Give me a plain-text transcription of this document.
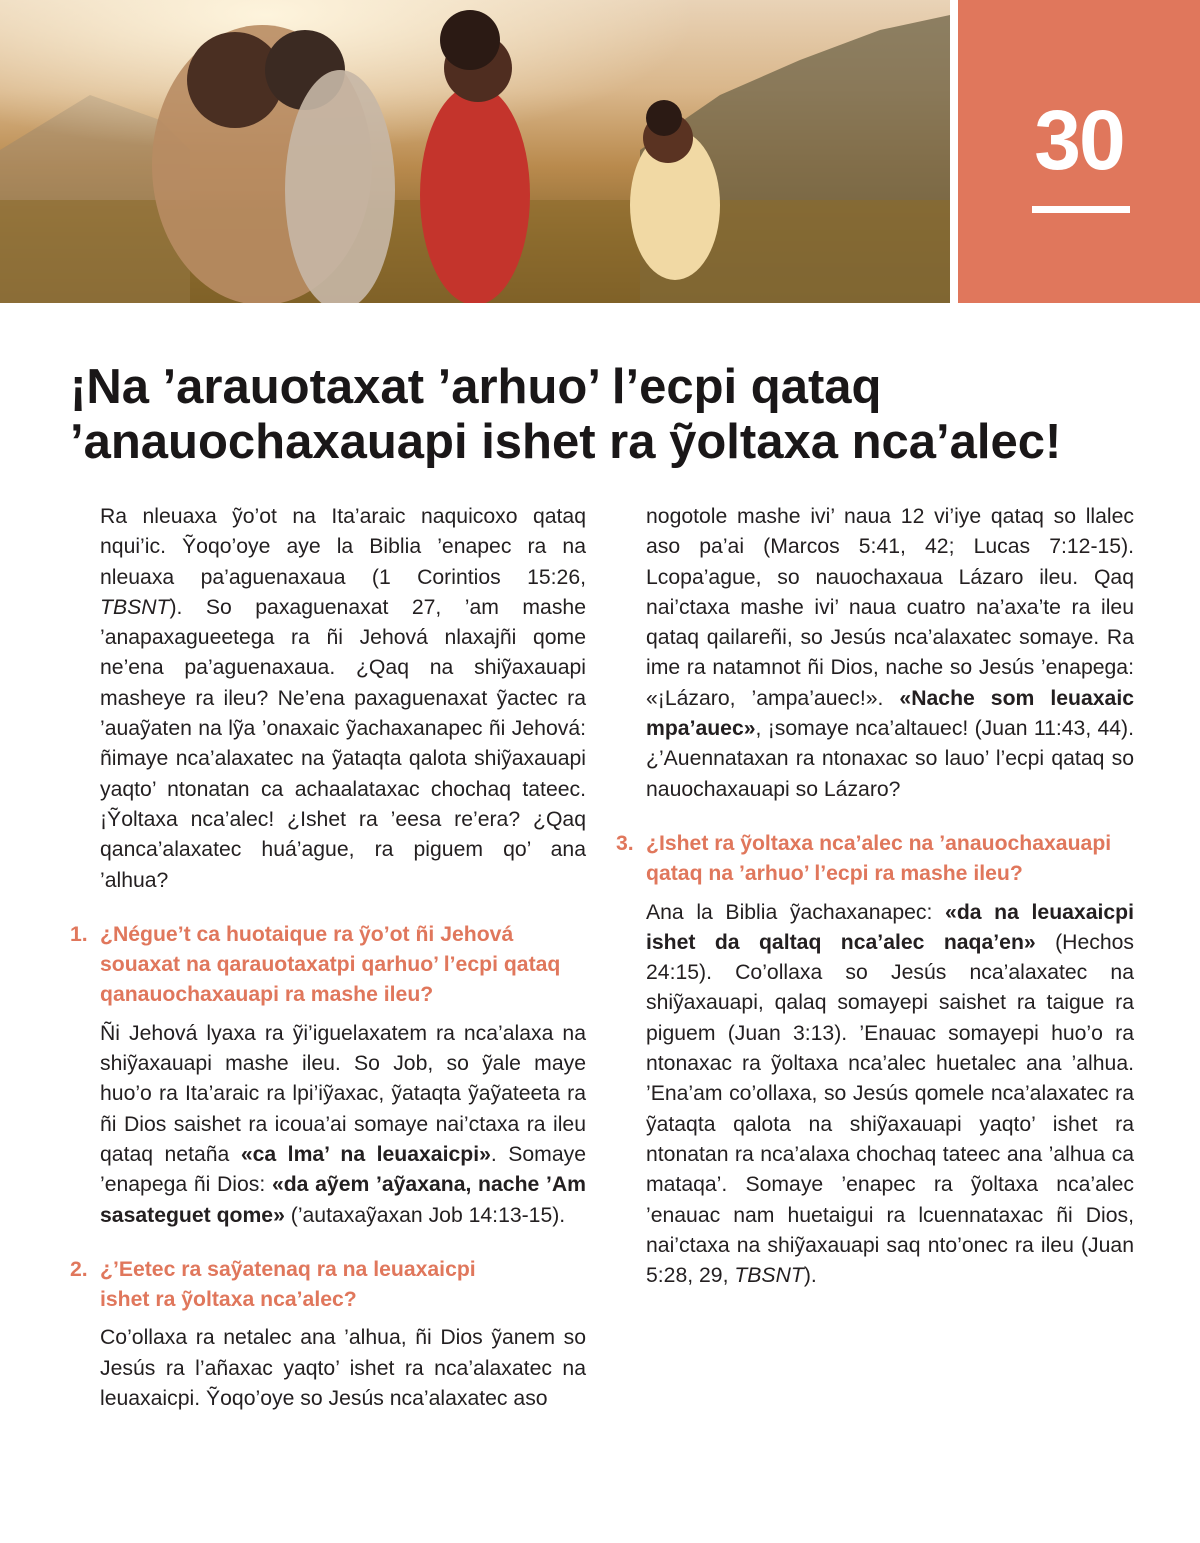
30
¡Na ’arauotaxat ’arhuo’ l’ecpi qataq ’anauochaxauapi ishet ra ỹoltaxa nca’alec!

Ra nleuaxa ỹo’ot na Ita’araic naquicoxo qataq nqui’ic. Ỹoqo’oye aye la Biblia ’enapec ra na nleuaxa pa’aguenaxaua (1 Corintios 15:26, TBSNT). So paxaguenaxat 27, ’am mashe ’anapaxagueetega ra ñi Jehová nlaxajñi qome ne’ena pa’aguenaxaua. ¿Qaq na shiỹaxauapi masheye ra ileu? Ne’ena paxaguenaxat ỹactec ra ’auaỹaten na lỹa ’onaxaic ỹachaxanapec ñi Jehová: ñimaye nca’alaxatec na ỹataqta qalota shiỹaxauapi yaqto’ ntonatan ca achaalataxac chochaq tateec. ¡Ỹoltaxa nca’alec! ¿Ishet ra ’eesa re’era? ¿Qaq qanca’alaxatec huá’ague, ra piguem qo’ ana ’alhua?

1. ¿Négue’t ca huotaique ra ỹo’ot ñi Jehová souaxat na qarauotaxatpi qarhuo’ l’ecpi qataq qanauochaxauapi ra mashe ileu?

Ñi Jehová lyaxa ra ỹi’iguelaxatem ra nca’alaxa na shiỹaxauapi mashe ileu. So Job, so ỹale maye huo’o ra Ita’araic ra lpi’iỹaxac, ỹataqta ỹaỹateeta ra ñi Dios saishet ra icoua’ai somaye nai’ctaxa ra ileu qataq netaña «ca lma’ na leuaxaicpi». Somaye ’enapega ñi Dios: «da aỹem ’aỹaxana, nache ’Am sasateguet qome» (’autaxaỹaxan Job 14:13-15).

2. ¿’Eetec ra saỹatenaq ra na leuaxaicpi ishet ra ỹoltaxa nca’alec?

Co’ollaxa ra netalec ana ’alhua, ñi Dios ỹanem so Jesús ra l’añaxac yaqto’ ishet ra nca’alaxatec na leuaxaicpi. Ỹoqo’oye so Jesús nca’alaxatec aso

nogotole mashe ivi’ naua 12 vi’iye qataq so llalec aso pa’ai (Marcos 5:41, 42; Lucas 7:12-15). Lcopa’ague, so nauochaxaua Lázaro ileu. Qaq nai’ctaxa mashe ivi’ naua cuatro na’axa’te ra ileu qataq qailareñi, so Jesús nca’alaxatec somaye. Ra ime ra natamnot ñi Dios, nache so Jesús ’enapega: «¡Lázaro, ’ampa’auec!». «Nache som leuaxaic mpa’auec», ¡somaye nca’altauec! (Juan 11:43, 44). ¿’Auennataxan ra ntonaxac so lauo’ l’ecpi qataq so nauochaxauapi so Lázaro?

3. ¿Ishet ra ỹoltaxa nca’alec na ’anauochaxauapi qataq na ’arhuo’ l’ecpi ra mashe ileu?

Ana la Biblia ỹachaxanapec: «da na leuaxaicpi ishet da qaltaq nca’alec naqa’en» (Hechos 24:15). Co’ollaxa so Jesús nca’alaxatec na shiỹaxauapi, qalaq somayepi saishet ra taigue ra piguem (Juan 3:13). ’Enauac somayepi huo’o ra ntonaxac ra ỹoltaxa nca’alec huetalec ana ’alhua. ’Ena’am co’ollaxa, so Jesús qomele nca’alaxatec ra ỹataqta qalota na shiỹaxauapi yaqto’ ishet ra ntonatan ra nca’alaxa chochaq tateec ana ’alhua ca mataqa’. Somaye ’enapec ra ỹoltaxa nca’alec ’enauac nam huetaigui ra lcuennataxac ñi Dios, nai’ctaxa na shiỹaxauapi saq nto’onec ra ileu (Juan 5:28, 29, TBSNT).
